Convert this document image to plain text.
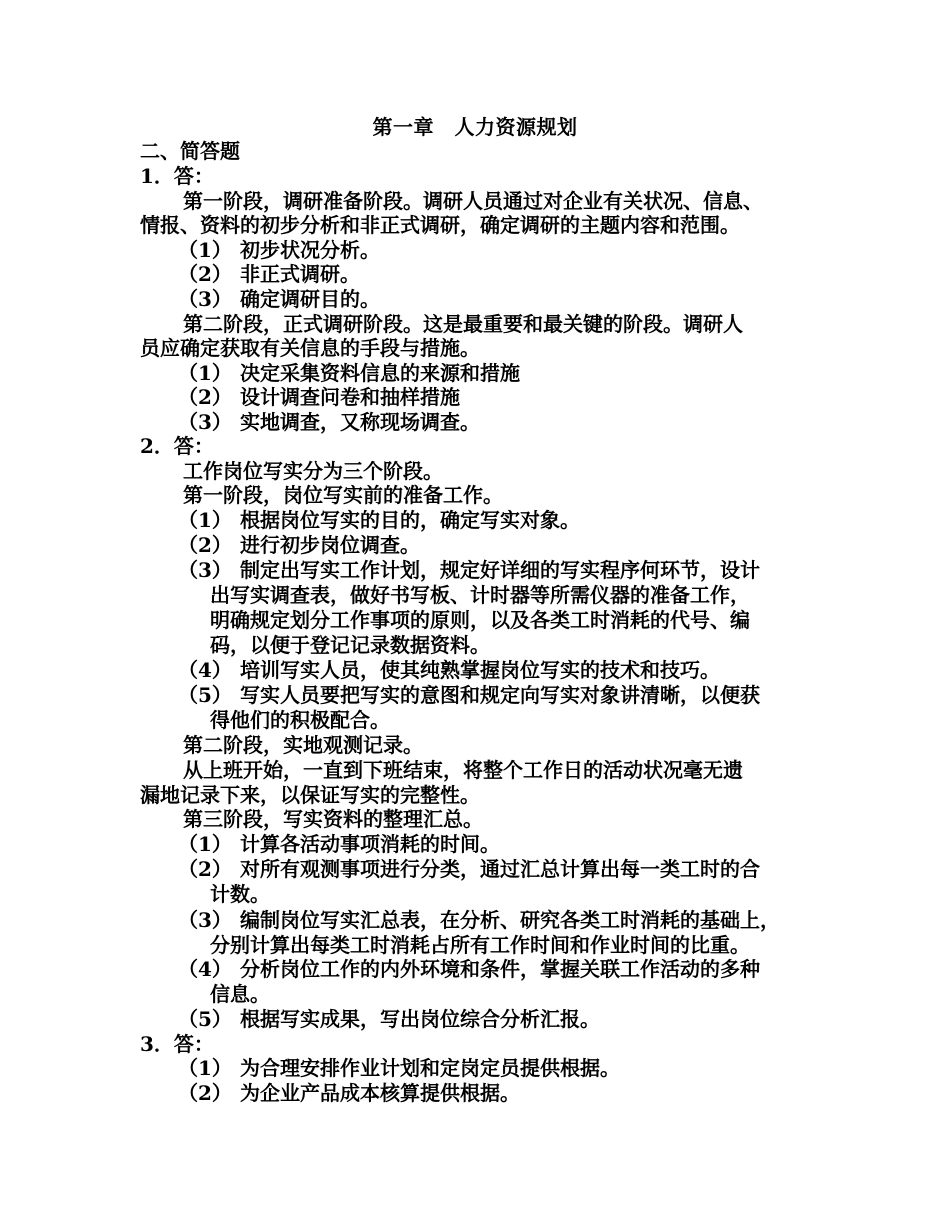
第一章　人力资源规划
二、简答题
1．答：
第一阶段，调研准备阶段。调研人员通过对企业有关状况、信息、
情报、资料的初步分析和非正式调研，确定调研的主题内容和范围。
（1） 初步状况分析。
（2） 非正式调研。
（3） 确定调研目的。
第二阶段，正式调研阶段。这是最重要和最关键的阶段。调研人
员应确定获取有关信息的手段与措施。
（1） 决定采集资料信息的来源和措施
（2） 设计调查问卷和抽样措施
（3） 实地调查，又称现场调查。
2．答：
工作岗位写实分为三个阶段。
第一阶段，岗位写实前的准备工作。
（1） 根据岗位写实的目的，确定写实对象。
（2） 进行初步岗位调查。
（3） 制定出写实工作计划，规定好详细的写实程序何环节，设计
出写实调查表，做好书写板、计时器等所需仪器的准备工作，
明确规定划分工作事项的原则，以及各类工时消耗的代号、编
码，以便于登记记录数据资料。
（4） 培训写实人员，使其纯熟掌握岗位写实的技术和技巧。
（5） 写实人员要把写实的意图和规定向写实对象讲清晰，以便获
得他们的积极配合。
第二阶段，实地观测记录。
从上班开始，一直到下班结束，将整个工作日的活动状况毫无遗
漏地记录下来，以保证写实的完整性。
第三阶段，写实资料的整理汇总。
（1） 计算各活动事项消耗的时间。
（2） 对所有观测事项进行分类，通过汇总计算出每一类工时的合
计数。
（3） 编制岗位写实汇总表，在分析、研究各类工时消耗的基础上，
分别计算出每类工时消耗占所有工作时间和作业时间的比重。
（4） 分析岗位工作的内外环境和条件，掌握关联工作活动的多种
信息。
（5） 根据写实成果，写出岗位综合分析汇报。
3．答：
（1） 为合理安排作业计划和定岗定员提供根据。
（2） 为企业产品成本核算提供根据。
